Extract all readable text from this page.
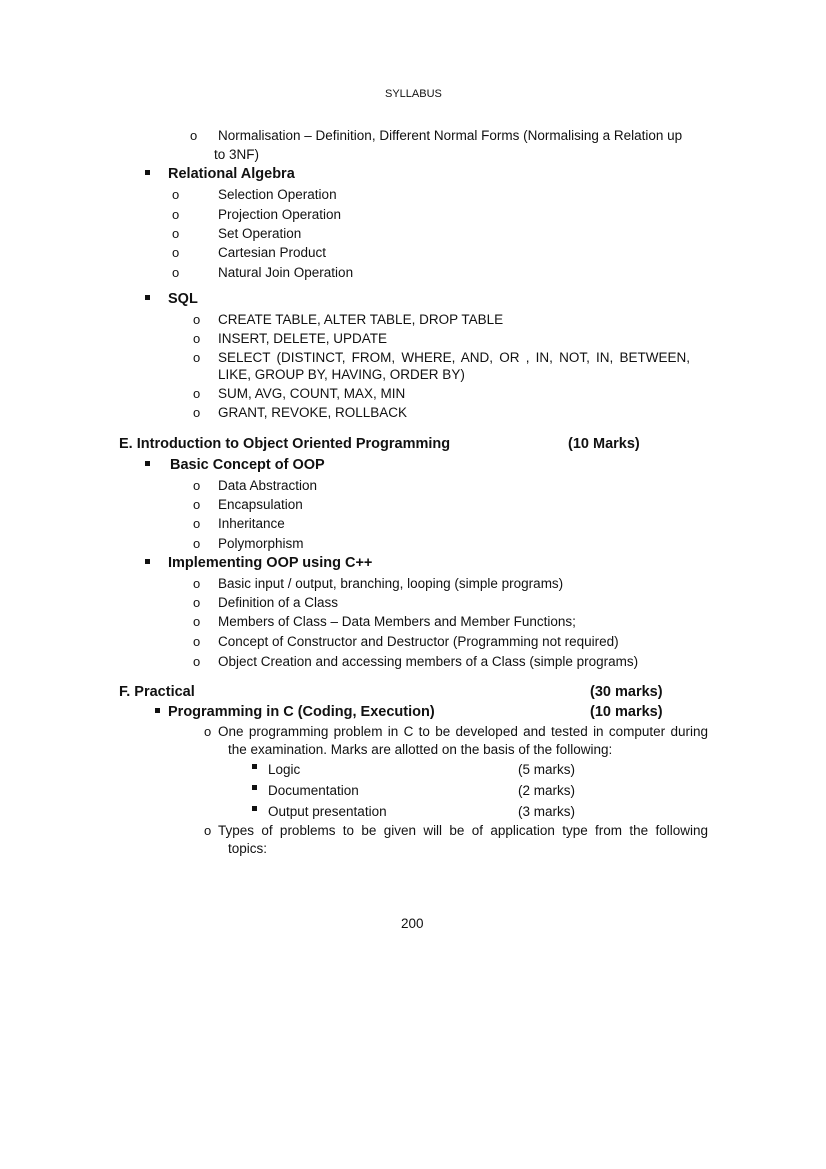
SYLLABUS
o Normalisation – Definition, Different Normal Forms (Normalising a Relation up
to 3NF)
Relational Algebra
o	Selection Operation
o	Projection Operation
o	Set Operation
o	Cartesian Product
o	Natural Join Operation
SQL
o CREATE TABLE, ALTER TABLE, DROP TABLE
o INSERT, DELETE, UPDATE
o SELECT (DISTINCT, FROM, WHERE, AND, OR , IN, NOT, IN, BETWEEN,
LIKE, GROUP BY, HAVING, ORDER BY)
o SUM, AVG, COUNT, MAX, MIN
o GRANT, REVOKE, ROLLBACK
E. Introduction to Object Oriented Programming	(10 Marks)
Basic Concept of OOP
o Data Abstraction
o Encapsulation
o Inheritance
o Polymorphism
Implementing OOP using C++
o Basic input / output, branching, looping (simple programs)
o Definition of a Class
o Members of Class – Data Members and Member Functions;
o Concept of Constructor and Destructor (Programming not required)
o Object Creation and accessing members of a Class (simple programs)
F. Practical	(30 marks)
Programming in C (Coding, Execution)	(10 marks)
o One programming problem in C to be developed and tested in computer during
the examination. Marks are allotted on the basis of the following:
Logic	(5 marks)
Documentation	(2 marks)
Output presentation	(3 marks)
o Types of problems to be given will be of application type from the following
topics:
200
